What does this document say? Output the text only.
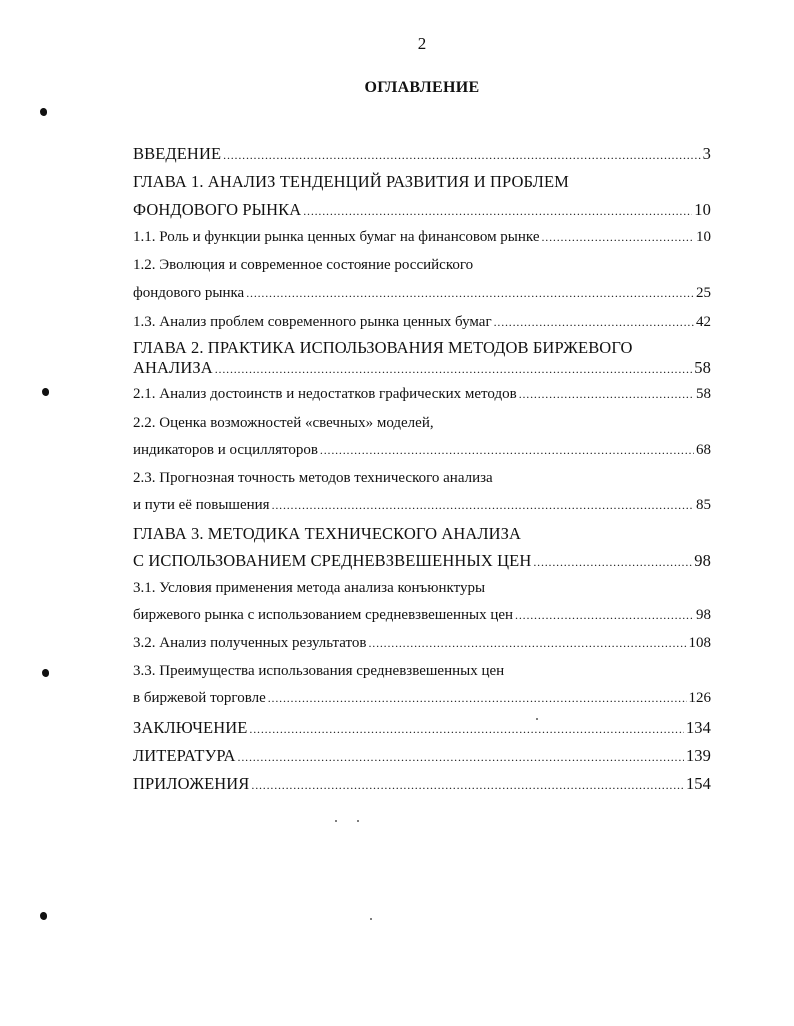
2
ОГЛАВЛЕНИЕ
ВВЕДЕНИЕ .....	3
ГЛАВА 1. АНАЛИЗ ТЕНДЕНЦИЙ РАЗВИТИЯ И ПРОБЛЕМ
ФОНДОВОГО РЫНКА .....	10
1.1. Роль и функции рынка ценных бумаг на финансовом рынке .....	10
1.2. Эволюция и современное состояние российского
фондового рынка .....	25
1.3. Анализ проблем современного рынка ценных бумаг .....	42
ГЛАВА 2. ПРАКТИКА ИСПОЛЬЗОВАНИЯ МЕТОДОВ БИРЖЕВОГО
АНАЛИЗА .....	58
2.1. Анализ достоинств и недостатков графических методов .....	58
2.2. Оценка возможностей «свечных» моделей,
индикаторов и осцилляторов .....	68
2.3. Прогнозная точность методов технического анализа
и пути её повышения .....	85
ГЛАВА 3. МЕТОДИКА ТЕХНИЧЕСКОГО АНАЛИЗА
С ИСПОЛЬЗОВАНИЕМ СРЕДНЕВЗВЕШЕННЫХ ЦЕН .....	98
3.1. Условия применения метода анализа конъюнктуры
биржевого рынка с использованием средневзвешенных цен .....	98
3.2. Анализ полученных результатов .....	108
3.3. Преимущества использования средневзвешенных цен
в биржевой торговле .....	126
ЗАКЛЮЧЕНИЕ .....	134
ЛИТЕРАТУРА .....	139
ПРИЛОЖЕНИЯ .....	154
